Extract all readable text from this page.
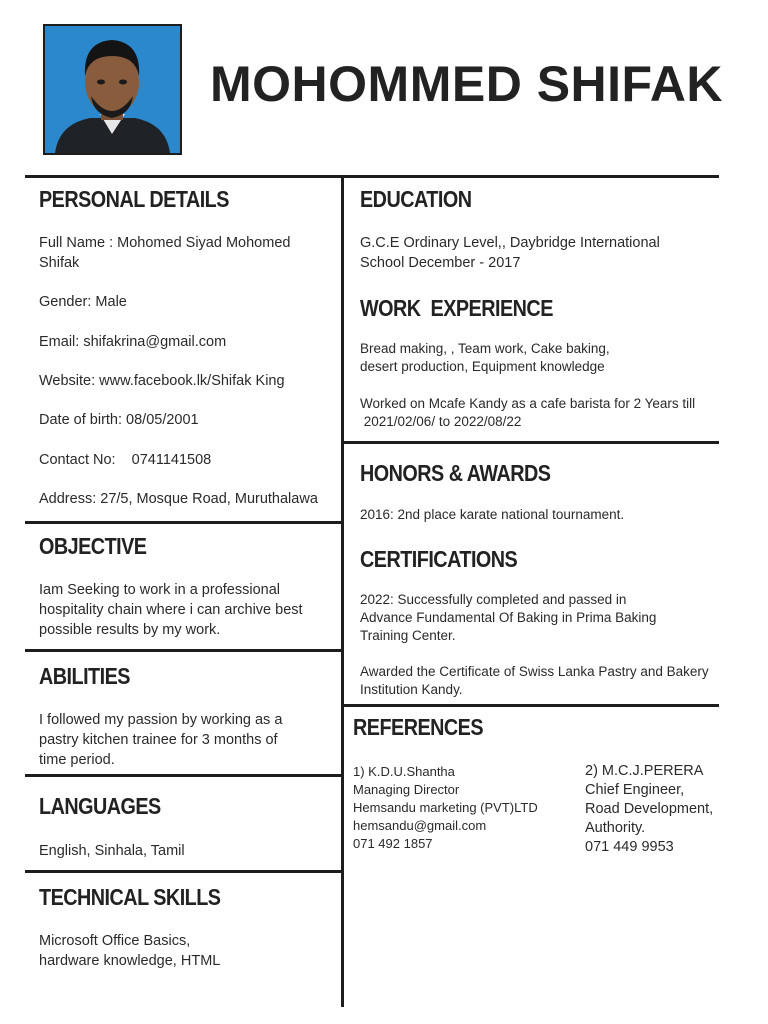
MOHOMMED SHIFAK
PERSONAL DETAILS
Full Name : Mohomed Siyad Mohomed
Shifak
Gender: Male
Email: shifakrina@gmail.com
Website: www.facebook.lk/Shifak King
Date of birth: 08/05/2001
Contact No:    0741141508
Address: 27/5, Mosque Road, Muruthalawa
OBJECTIVE
Iam Seeking to work in a professional
hospitality chain where i can archive best
possible results by my work.
ABILITIES
I followed my passion by working as a
pastry kitchen trainee for 3 months of
time period.
LANGUAGES
English, Sinhala, Tamil
TECHNICAL SKILLS
Microsoft Office Basics,
hardware knowledge, HTML
EDUCATION
G.C.E Ordinary Level,, Daybridge International
School December - 2017
WORK  EXPERIENCE
Bread making, , Team work, Cake baking,
desert production, Equipment knowledge
Worked on Mcafe Kandy as a cafe barista for 2 Years till
2021/02/06/ to 2022/08/22
HONORS & AWARDS
2016: 2nd place karate national tournament.
CERTIFICATIONS
2022: Successfully completed and passed in
Advance Fundamental Of Baking in Prima Baking
Training Center.
Awarded the Certificate of Swiss Lanka Pastry and Bakery
Institution Kandy.
REFERENCES
1) K.D.U.Shantha
Managing Director
Hemsandu marketing (PVT)LTD
hemsandu@gmail.com
071 492 1857
2) M.C.J.PERERA
Chief Engineer,
Road Development,
Authority.
071 449 9953
